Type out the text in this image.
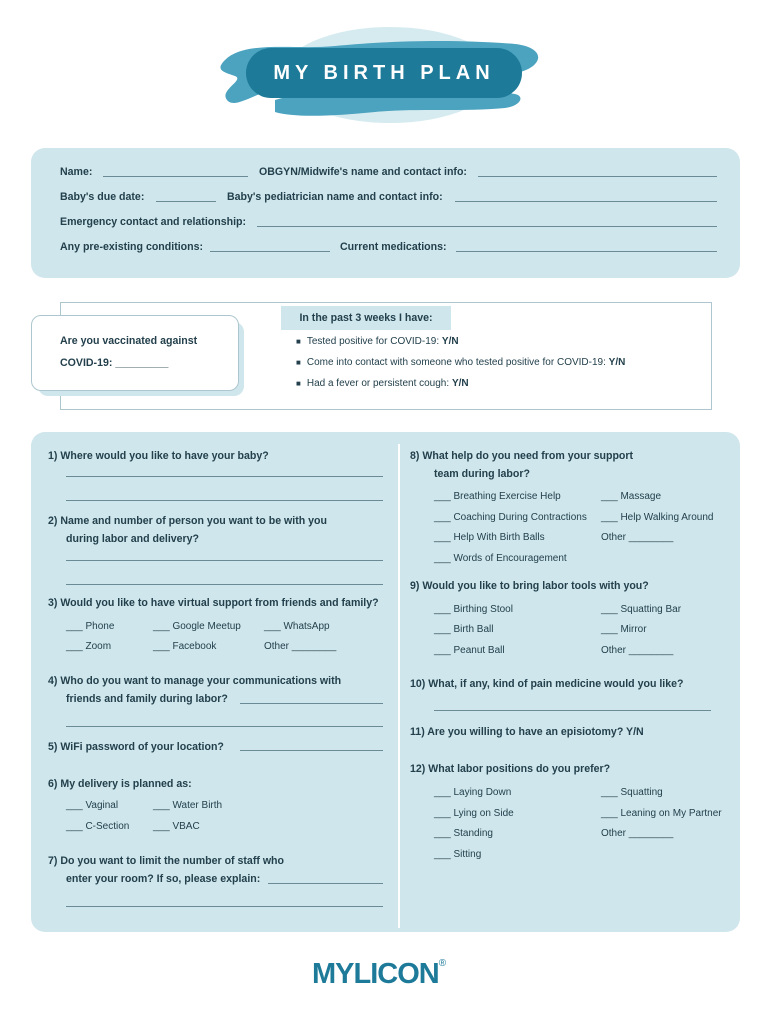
MY BIRTH PLAN
Name:	OBGYN/Midwife's name and contact info:
Baby's due date:	Baby's pediatrician name and contact info:
Emergency contact and relationship:
Any pre-existing conditions:	Current medications:
In the past 3 weeks I have:
Are you vaccinated against
COVID-19: _________
■ Tested positive for COVID-19: Y/N
■ Come into contact with someone who tested positive for COVID-19: Y/N
■ Had a fever or persistent cough: Y/N
1) Where would you like to have your baby?
2) Name and number of person you want to be with you
during labor and delivery?
3) Would you like to have virtual support from friends and family?
___ Phone	___ Google Meetup ___ WhatsApp
___ Zoom	___ Facebook	Other ________
4) Who do you want to manage your communications with
friends and family during labor?
5) WiFi password of your location?
6) My delivery is planned as:
___ Vaginal	___ Water Birth
___ C-Section ___ VBAC
7) Do you want to limit the number of staff who
enter your room? If so, please explain:
8) What help do you need from your support
team during labor?
___ Breathing Exercise Help	___ Massage
___ Coaching During Contractions ___ Help Walking Around
___ Help With Birth Balls	Other ________
___ Words of Encouragement
9) Would you like to bring labor tools with you?
___ Birthing Stool	___ Squatting Bar
___ Birth Ball	___ Mirror
___ Peanut Ball	Other ________
10) What, if any, kind of pain medicine would you like?
11) Are you willing to have an episiotomy? Y/N
12) What labor positions do you prefer?
___ Laying Down	___ Squatting
___ Lying on Side	___ Leaning on My Partner
___ Standing	Other ________
___ Sitting
MYLICON®
